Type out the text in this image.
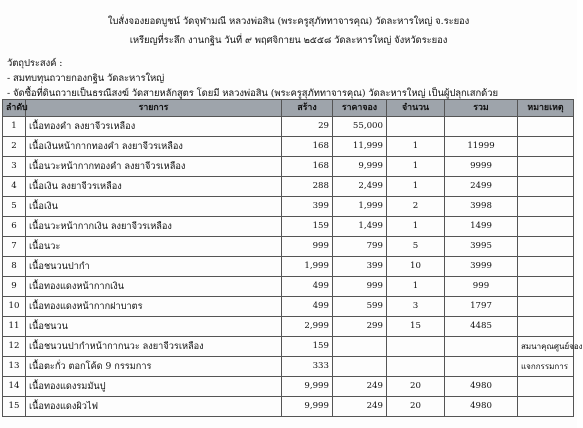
ใบสั่งจองยอดบูชน์ วัดจุฬามณี หลวงพ่อสิน (พระครูสุภัททาจารคุณ) วัดละหารใหญ่ จ.ระยอง
เหรียญที่ระลึก งานกฐิน วันที่ ๙ พฤศจิกายน ๒๕๕๘ วัดละหารใหญ่ จังหวัดระยอง
วัตถุประสงค์ :
- สมทบทุนถวายกองกฐิน วัดละหารใหญ่
- จัดซื้อที่ดินถวายเป็นธรณีสงฆ์ วัดสายหลักสูตร โดยมี หลวงพ่อสิน (พระครูสุภัททาจารคุณ) วัดละหารใหญ่ เป็นผู้ปลุกเสกด้วย
ลำดับ	รายการ	สร้าง	ราคาจอง	จำนวน	รวม	หมายเหตุ
1	เนื้อทองคำ ลงยาจีวรเหลือง	29	55,000			
2	เนื้อเงินหน้ากากทองคำ ลงยาจีวรเหลือง	168	11,999	1	11999	
3	เนื้อนวะหน้ากากทองคำ ลงยาจีวรเหลือง	168	9,999	1	9999	
4	เนื้อเงิน ลงยาจีวรเหลือง	288	2,499	1	2499	
5	เนื้อเงิน	399	1,999	2	3998	
6	เนื้อนวะหน้ากากเงิน ลงยาจีวรเหลือง	159	1,499	1	1499	
7	เนื้อนวะ	999	799	5	3995	
8	เนื้อชนวนปากำ	1,999	399	10	3999	
9	เนื้อทองแดงหน้ากากเงิน	499	999	1	999	
10	เนื้อทองแดงหน้ากากฝาบาตร	499	599	3	1797	
11	เนื้อชนวน	2,999	299	15	4485	
12	เนื้อชนวนปากำหน้ากากนวะ ลงยาจีวรเหลือง	159				สมนาคุณศูนย์จอง
13	เนื้อตะกั่ว ตอกโค้ด 9 กรรมการ	333				แจกกรรมการ
14	เนื้อทองแดงรมมันปู	9,999	249	20	4980	
15	เนื้อทองแดงผิวไฟ	9,999	249	20	4980	
